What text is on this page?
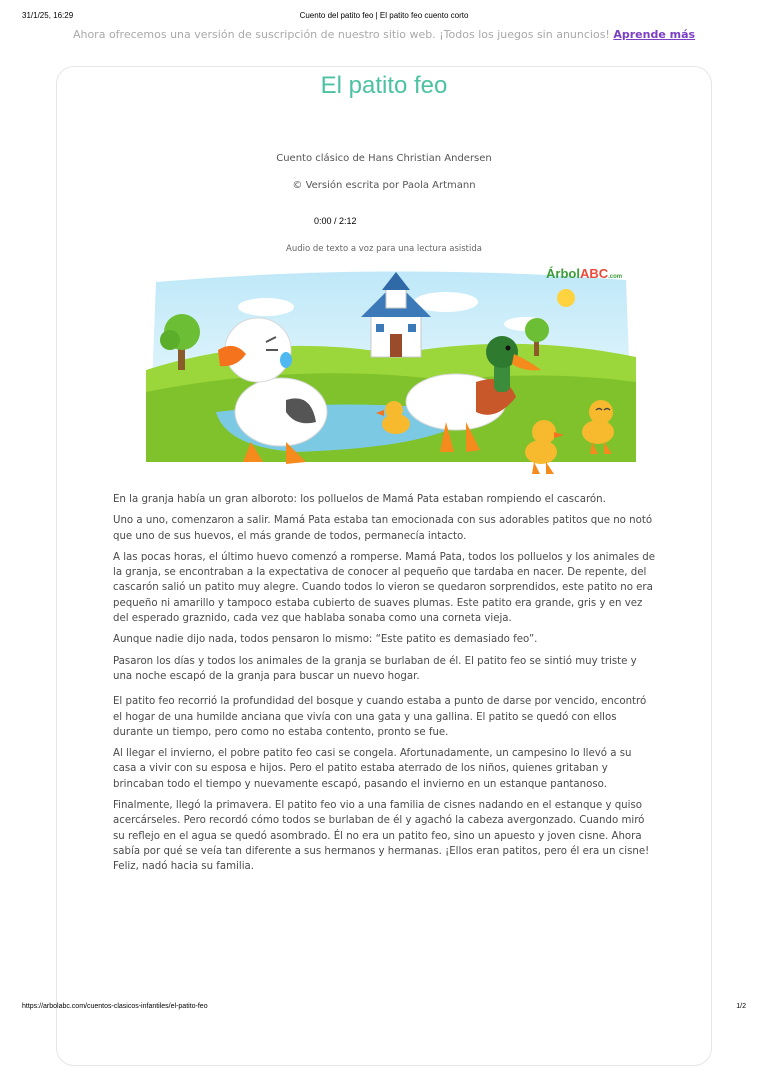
31/1/25, 16:29	Cuento del patito feo | El patito feo cuento corto
Ahora ofrecemos una versión de suscripción de nuestro sitio web. ¡Todos los juegos sin anuncios! Aprende más
El patito feo
Cuento clásico de Hans Christian Andersen
© Versión escrita por Paola Artmann
0:00 / 2:12
Audio de texto a voz para una lectura asistida
ÁrbolABC.com

En la granja había un gran alboroto: los polluelos de Mamá Pata estaban rompiendo el cascarón.

Uno a uno, comenzaron a salir. Mamá Pata estaba tan emocionada con sus adorables patitos que no notó que uno de sus huevos, el más grande de todos, permanecía intacto.

A las pocas horas, el último huevo comenzó a romperse. Mamá Pata, todos los polluelos y los animales de la granja, se encontraban a la expectativa de conocer al pequeño que tardaba en nacer. De repente, del cascarón salió un patito muy alegre. Cuando todos lo vieron se quedaron sorprendidos, este patito no era pequeño ni amarillo y tampoco estaba cubierto de suaves plumas. Este patito era grande, gris y en vez del esperado graznido, cada vez que hablaba sonaba como una corneta vieja.

Aunque nadie dijo nada, todos pensaron lo mismo: “Este patito es demasiado feo”.

Pasaron los días y todos los animales de la granja se burlaban de él. El patito feo se sintió muy triste y una noche escapó de la granja para buscar un nuevo hogar.

El patito feo recorrió la profundidad del bosque y cuando estaba a punto de darse por vencido, encontró el hogar de una humilde anciana que vivía con una gata y una gallina. El patito se quedó con ellos durante un tiempo, pero como no estaba contento, pronto se fue.

Al llegar el invierno, el pobre patito feo casi se congela. Afortunadamente, un campesino lo llevó a su casa a vivir con su esposa e hijos. Pero el patito estaba aterrado de los niños, quienes gritaban y brincaban todo el tiempo y nuevamente escapó, pasando el invierno en un estanque pantanoso.

Finalmente, llegó la primavera. El patito feo vio a una familia de cisnes nadando en el estanque y quiso acercárseles. Pero recordó cómo todos se burlaban de él y agachó la cabeza avergonzado. Cuando miró su reflejo en el agua se quedó asombrado. Él no era un patito feo, sino un apuesto y joven cisne. Ahora sabía por qué se veía tan diferente a sus hermanos y hermanas. ¡Ellos eran patitos, pero él era un cisne! Feliz, nadó hacia su familia.

https://arbolabc.com/cuentos-clasicos-infantiles/el-patito-feo	1/2
